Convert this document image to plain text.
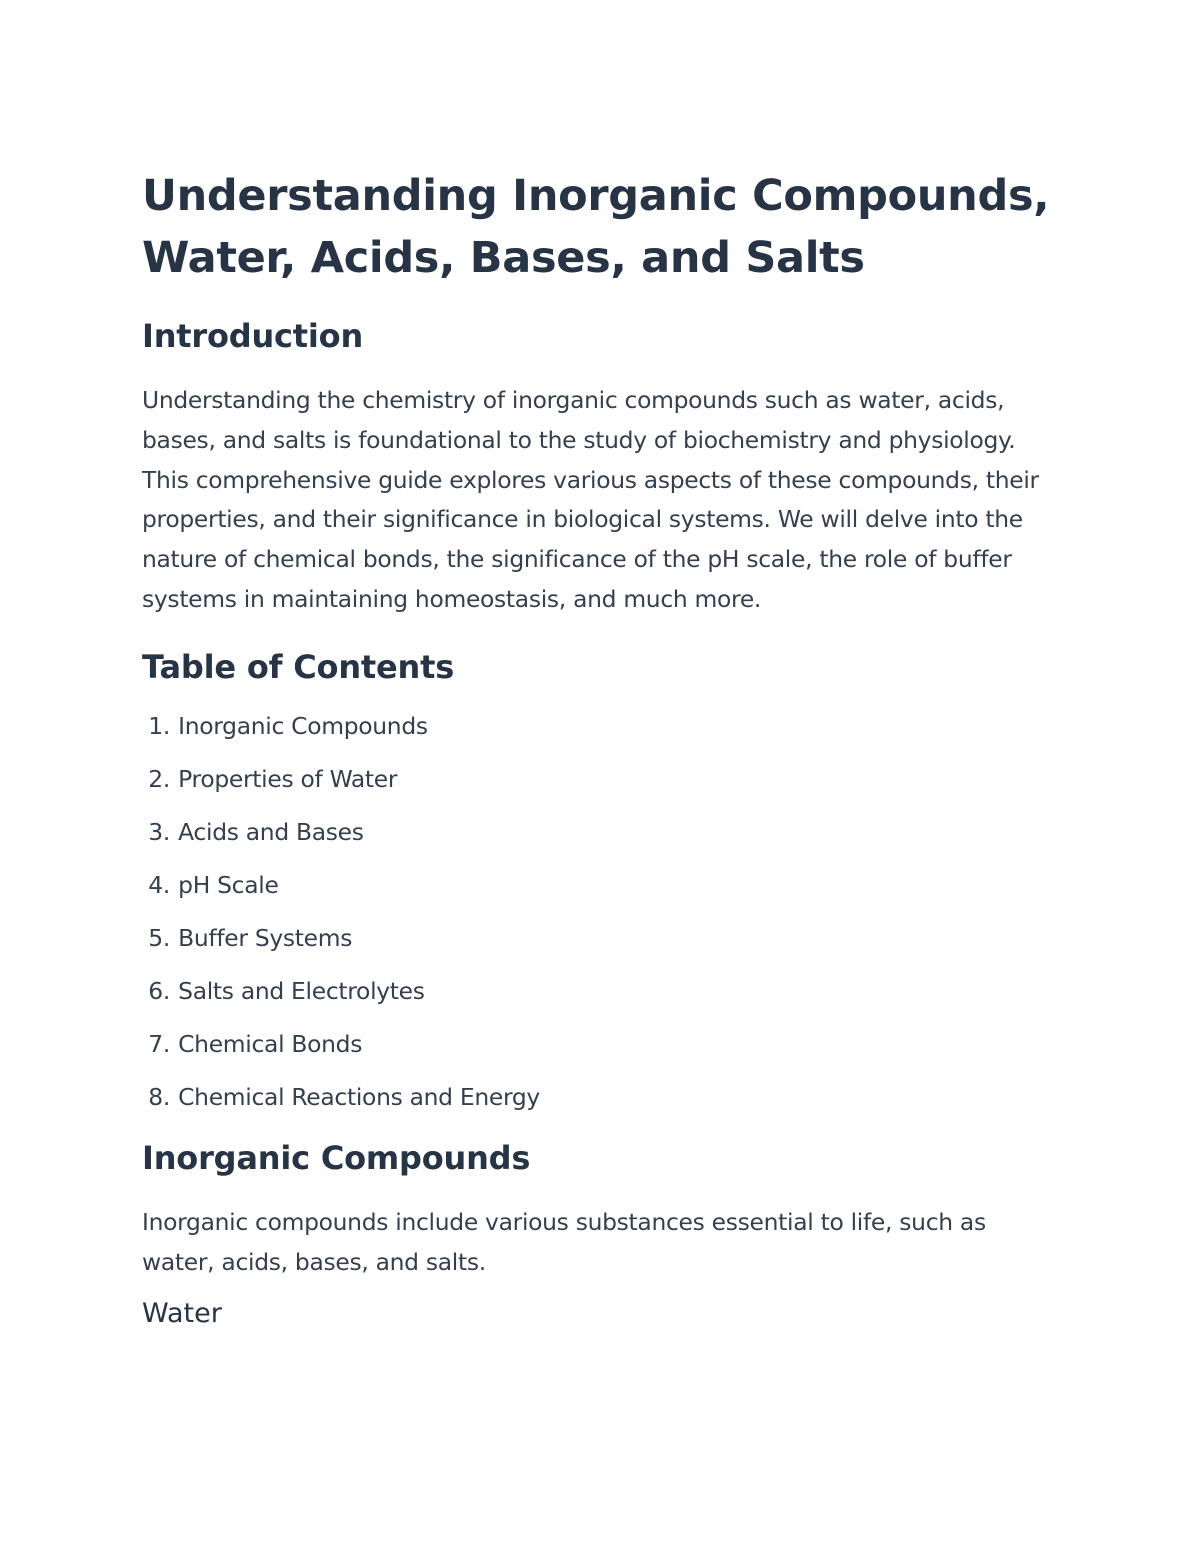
Understanding Inorganic Compounds, Water, Acids, Bases, and Salts
Introduction

Understanding the chemistry of inorganic compounds such as water, acids, bases, and salts is foundational to the study of biochemistry and physiology. This comprehensive guide explores various aspects of these compounds, their properties, and their significance in biological systems. We will delve into the nature of chemical bonds, the significance of the pH scale, the role of buffer systems in maintaining homeostasis, and much more.

Table of Contents
1.
Inorganic Compounds
2.
Properties of Water
3.
Acids and Bases
4.
pH Scale
5.
Buffer Systems
6.
Salts and Electrolytes
7.
Chemical Bonds
8.
Chemical Reactions and Energy
Inorganic Compounds

Inorganic compounds include various substances essential to life, such as water, acids, bases, and salts.

Water
